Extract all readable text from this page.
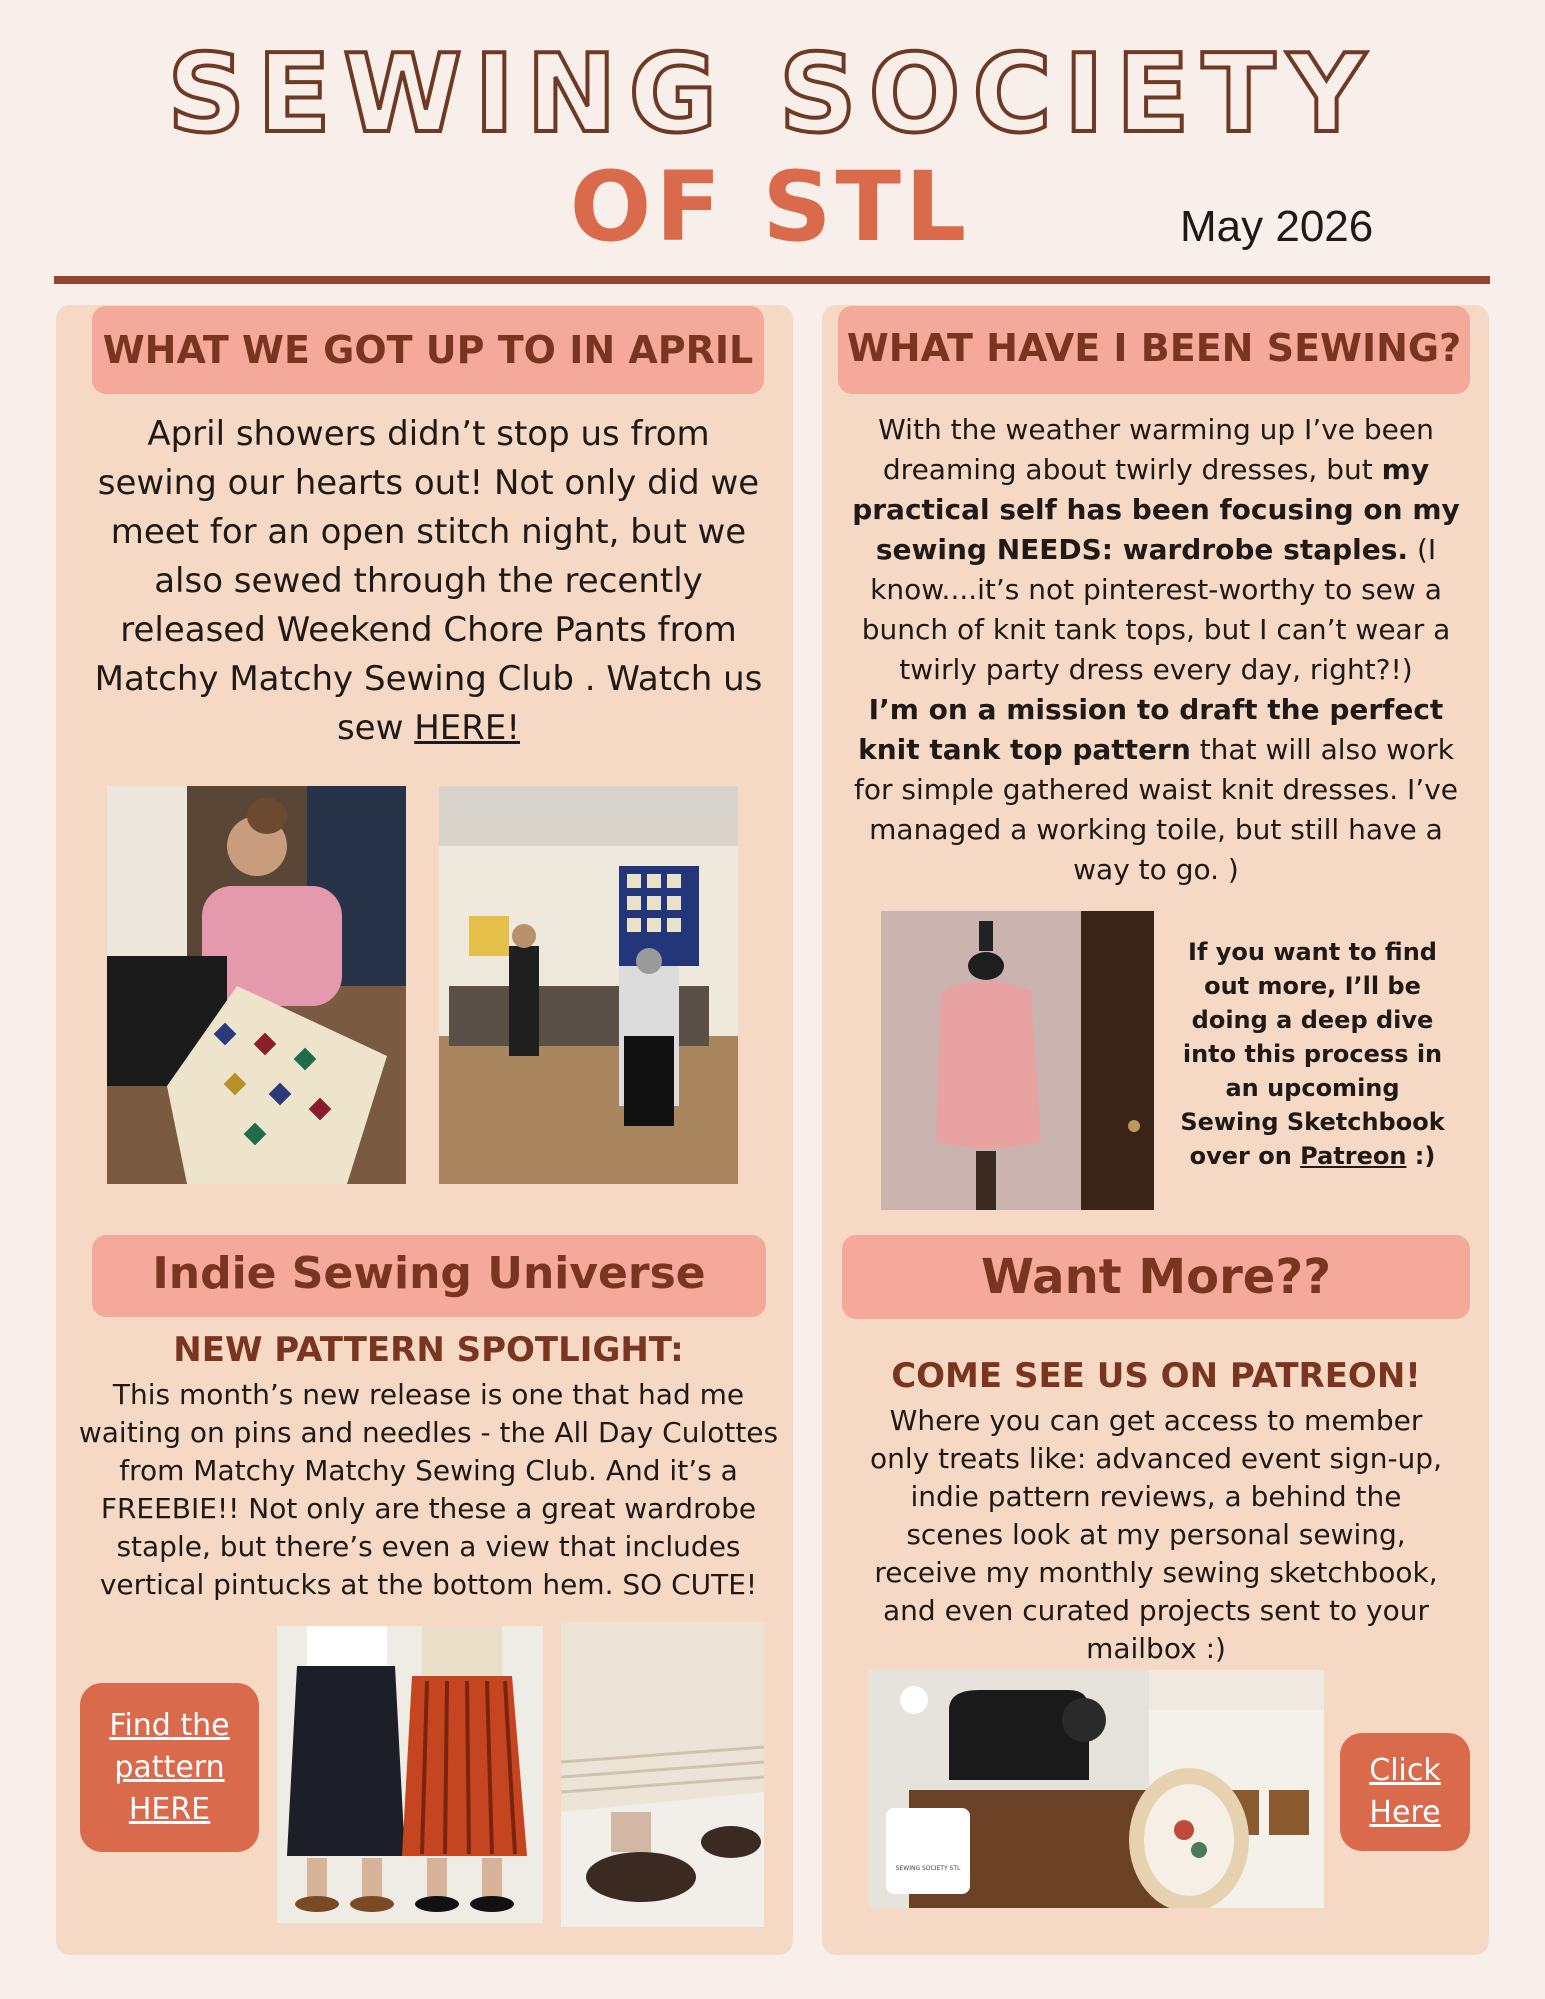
SEWING SOCIETY
OF STL	May 2026
WHAT WE GOT UP TO IN APRIL
April showers didn’t stop us from sewing our hearts out! Not only did we meet for an open stitch night, but we also sewed through the recently released Weekend Chore Pants from Matchy Matchy Sewing Club . Watch us sew HERE!
Indie Sewing Universe
NEW PATTERN SPOTLIGHT:
This month’s new release is one that had me waiting on pins and needles - the All Day Culottes from Matchy Matchy Sewing Club. And it’s a FREEBIE!! Not only are these a great wardrobe staple, but there’s even a view that includes vertical pintucks at the bottom hem. SO CUTE!
Find the pattern HERE
WHAT HAVE I BEEN SEWING?
With the weather warming up I’ve been dreaming about twirly dresses, but my practical self has been focusing on my sewing NEEDS: wardrobe staples. (I know....it’s not pinterest-worthy to sew a bunch of knit tank tops, but I can’t wear a twirly party dress every day, right?!)
I’m on a mission to draft the perfect knit tank top pattern that will also work for simple gathered waist knit dresses. I’ve managed a working toile, but still have a way to go. )
If you want to find out more, I’ll be doing a deep dive into this process in an upcoming Sewing Sketchbook over on Patreon :)
Want More??
COME SEE US ON PATREON!
Where you can get access to member only treats like: advanced event sign-up, indie pattern reviews, a behind the scenes look at my personal sewing, receive my monthly sewing sketchbook, and even curated projects sent to your mailbox :)
SEWING SOCIETY STL
Click Here
